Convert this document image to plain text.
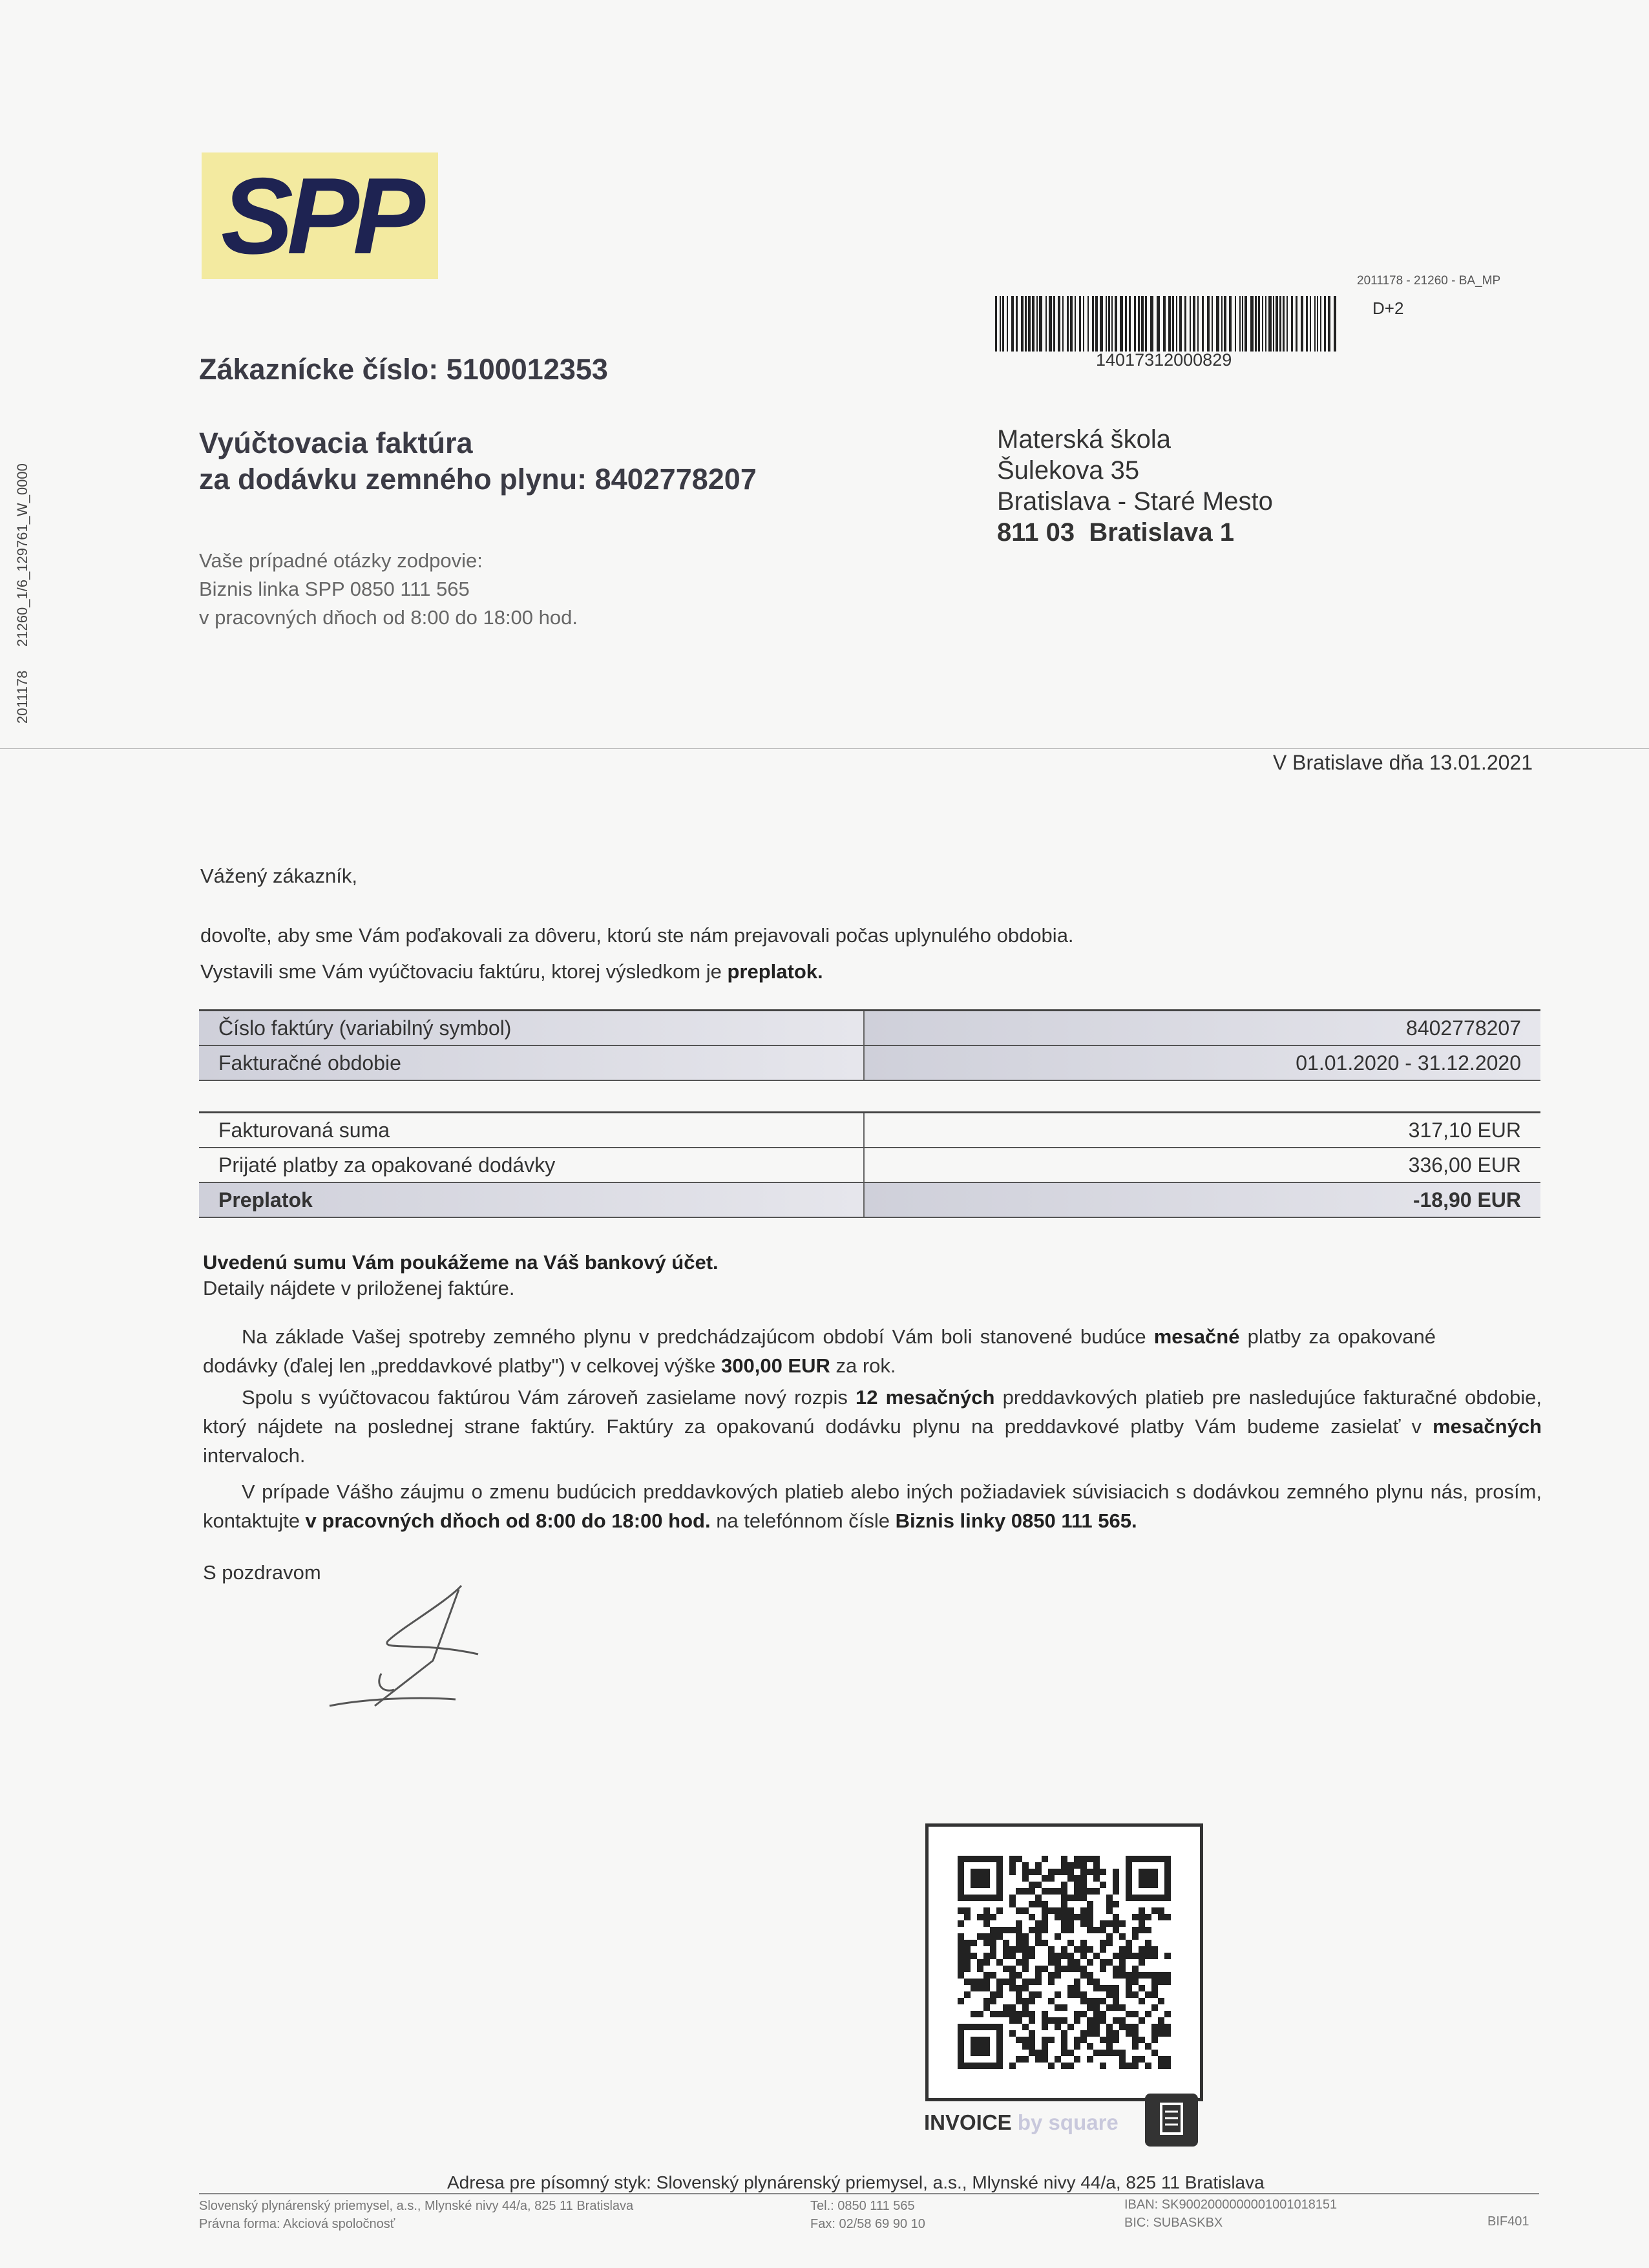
SPP
2011178      21260_1/6_129761_W_0000
2011178 - 21260 - BA_MP
D+2
14017312000829
Zákaznícke číslo: 5100012353
Vyúčtovacia faktúra
za dodávku zemného plynu: 8402778207
Materská škola
Šulekova 35
Bratislava - Staré Mesto
811 03  Bratislava 1
Vaše prípadné otázky zodpovie:
Biznis linka SPP 0850 111 565
v pracovných dňoch od 8:00 do 18:00 hod.
V Bratislave dňa 13.01.2021
Vážený zákazník,
dovoľte, aby sme Vám poďakovali za dôveru, ktorú ste nám prejavovali počas uplynulého obdobia.
Vystavili sme Vám vyúčtovaciu faktúru, ktorej výsledkom je preplatok.
Číslo faktúry (variabilný symbol)	8402778207
Fakturačné obdobie	01.01.2020 - 31.12.2020
Fakturovaná suma	317,10 EUR
Prijaté platby za opakované dodávky	336,00 EUR
Preplatok	-18,90 EUR
Uvedenú sumu Vám poukážeme na Váš bankový účet.
Detaily nájdete v priloženej faktúre.
Na základe Vašej spotreby zemného plynu v predchádzajúcom období Vám boli stanovené budúce mesačné platby za opakované dodávky (ďalej len „preddavkové platby") v celkovej výške 300,00 EUR za rok.
Spolu s vyúčtovacou faktúrou Vám zároveň zasielame nový rozpis 12 mesačných preddavkových platieb pre nasledujúce fakturačné obdobie, ktorý nájdete na poslednej strane faktúry. Faktúry za opakovanú dodávku plynu na preddavkové platby Vám budeme zasielať v mesačných intervaloch.
V prípade Vášho záujmu o zmenu budúcich preddavkových platieb alebo iných požiadaviek súvisiacich s dodávkou zemného plynu nás, prosím, kontaktujte v pracovných dňoch od 8:00 do 18:00 hod. na telefónnom čísle Biznis linky 0850 111 565.
S pozdravom
INVOICE by square
Adresa pre písomný styk: Slovenský plynárenský priemysel, a.s., Mlynské nivy 44/a, 825 11 Bratislava
Slovenský plynárenský priemysel, a.s., Mlynské nivy 44/a, 825 11 Bratislava
Právna forma: Akciová spoločnosť
Tel.: 0850 111 565
Fax: 02/58 69 90 10
IBAN: SK9002000000001001018151
BIC: SUBASKBX	BIF401
